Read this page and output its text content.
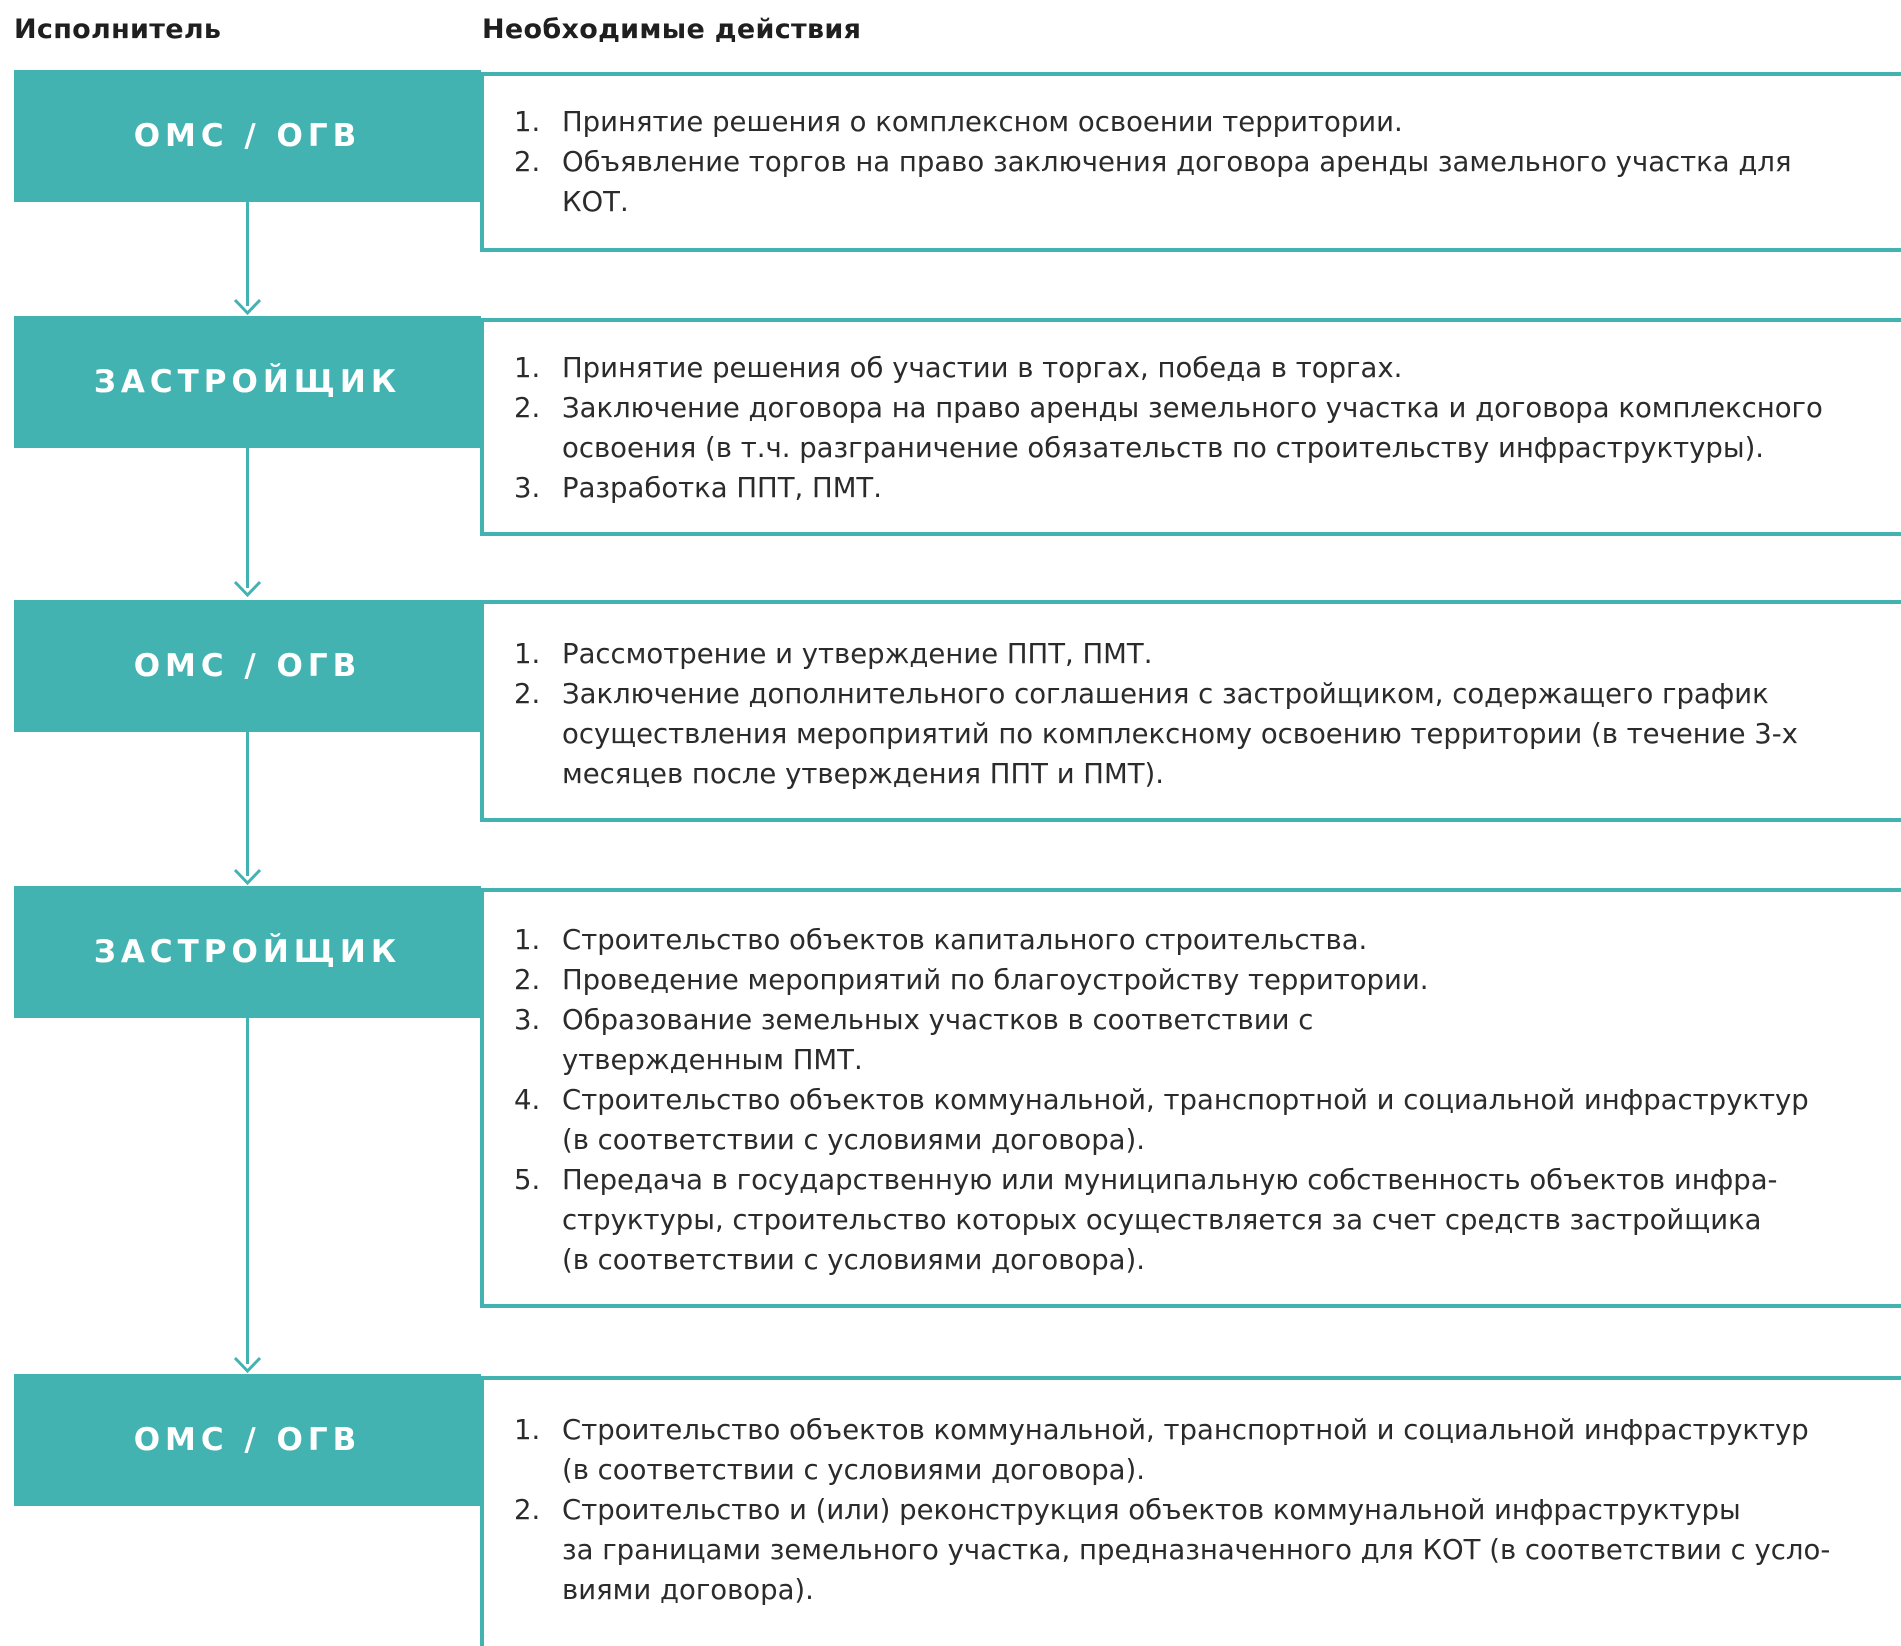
Исполнитель	Необходимые действия
ОМС / ОГВ	1. Принятие решения о комплексном освоении территории.
2. Объявление торгов на право заключения договора аренды замельного участка для
КОТ.
ЗАСТРОЙЩИК	1. Принятие решения об участии в торгах, победа в торгах.
2. Заключение договора на право аренды земельного участка и договора комплексного
освоения (в т.ч. разграничение обязательств по строительству инфраструктуры).
3. Разработка ППТ, ПМТ.
ОМС / ОГВ	1. Рассмотрение и утверждение ППТ, ПМТ.
2. Заключение дополнительного соглашения с застройщиком, содержащего график
осуществления мероприятий по комплексному освоению территории (в течение 3-х
месяцев после утверждения ППТ и ПМТ).
ЗАСТРОЙЩИК	1. Строительство объектов капитального строительства.
2. Проведение мероприятий по благоустройству территории.
3. Образование земельных участков в соответствии с
утвержденным ПМТ.
4. Строительство объектов коммунальной, транспортной и социальной инфраструктур
(в соответствии с условиями договора).
5. Передача в государственную или муниципальную собственность объектов инфра-
структуры, строительство которых осуществляется за счет средств застройщика
(в соответствии с условиями договора).
ОМС / ОГВ	1. Строительство объектов коммунальной, транспортной и социальной инфраструктур
(в соответствии с условиями договора).
2. Строительство и (или) реконструкция объектов коммунальной инфраструктуры
за границами земельного участка, предназначенного для КОТ (в соответствии с усло-
виями договора).
